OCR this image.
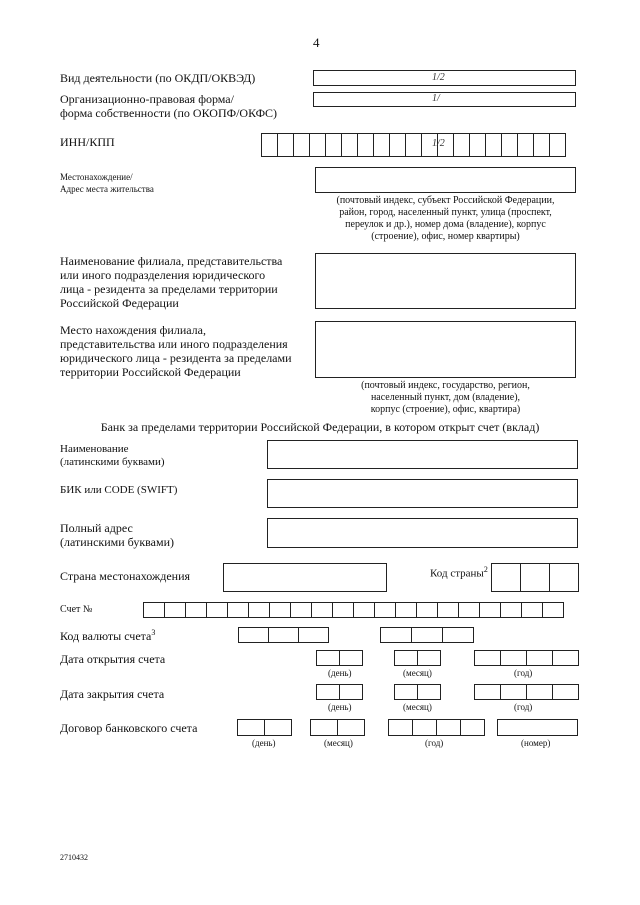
4
Вид деятельности (по ОКДП/ОКВЭД)	1/2
Организационно-правовая форма/
форма собственности (по ОКОПФ/ОКФС)
1/
ИНН/КПП	1/2
Местонахождение/
Адрес места жительства
(почтовый индекс, субъект Российской Федерации,
район, город, населенный пункт, улица (проспект,
переулок и др.), номер дома (владение), корпус
(строение), офис, номер квартиры)
Наименование филиала, представительства
или иного подразделения юридического
лица - резидента за пределами территории
Российской Федерации
Место нахождения филиала,
представительства или иного подразделения
юридического лица - резидента за пределами
территории Российской Федерации
(почтовый индекс, государство, регион,
населенный пункт, дом (владение),
корпус (строение), офис, квартира)
Банк за пределами территории Российской Федерации, в котором открыт счет (вклад)
Наименование
(латинскими буквами)
БИК или CODE (SWIFT)
Полный адрес
(латинскими буквами)
Страна местонахождения	Код страны$^2$
Счет №
Код валюты счета$^3$
Дата открытия счета
(день)	(месяц)	(год)
Дата закрытия счета
(день)	(месяц)	(год)
Договор банковского счета
(день)	(месяц)	(год)	(номер)
2710432
